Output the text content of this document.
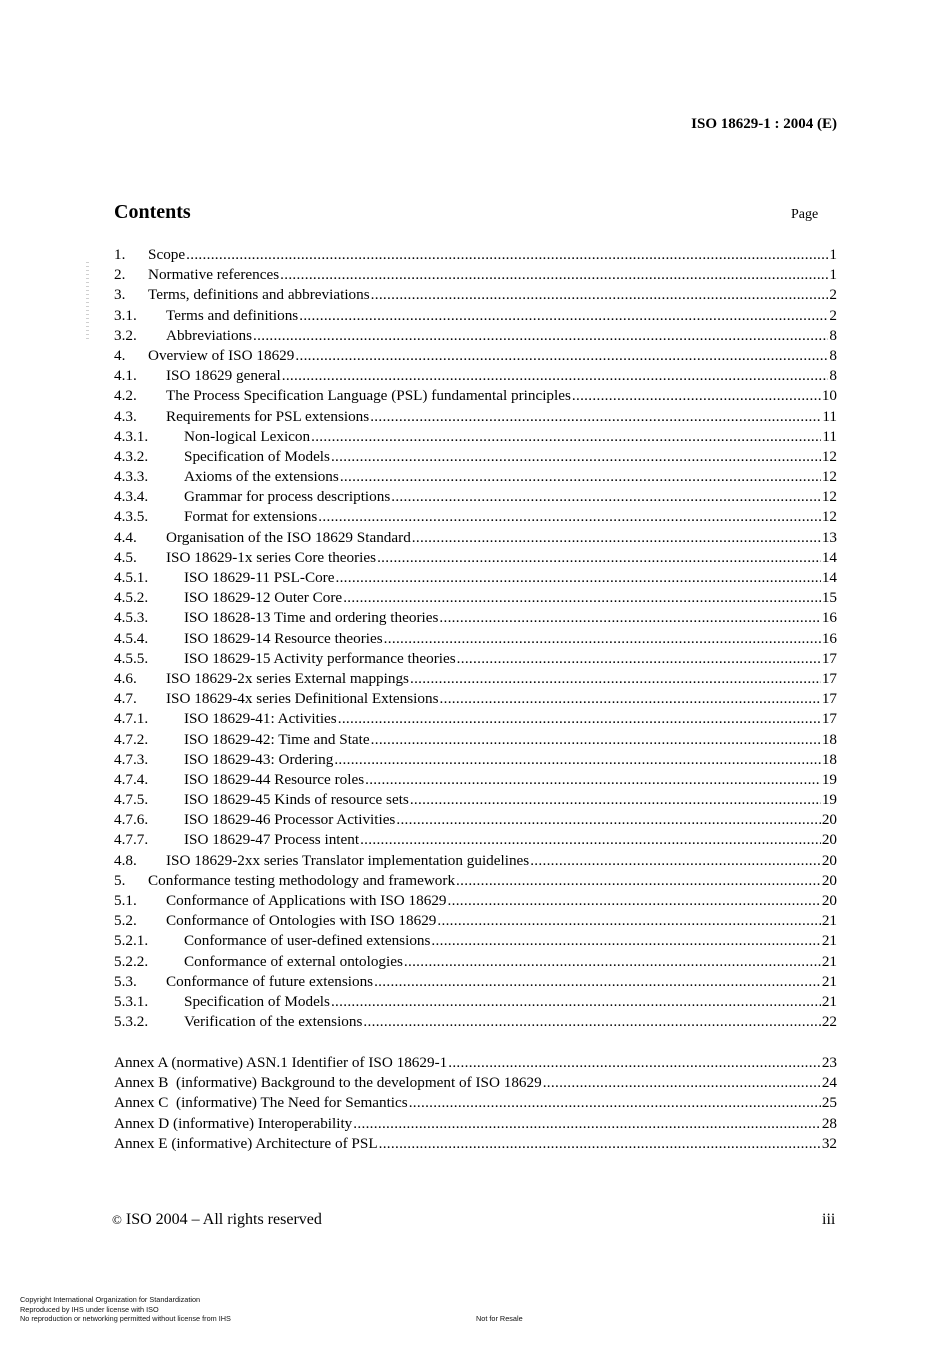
ISO 18629-1 : 2004 (E)
Contents	Page
1.	Scope .....	1
2.	Normative references .....	1
3.	Terms, definitions and abbreviations .....	2
3.1.	Terms and definitions .....	2
3.2.	Abbreviations .....	8
4.	Overview of ISO 18629 .....	8
4.1.	ISO 18629 general .....	8
4.2.	The Process Specification Language (PSL) fundamental principles .....	10
4.3.	Requirements for PSL extensions .....	11
4.3.1.	Non-logical Lexicon .....	11
4.3.2.	Specification of Models .....	12
4.3.3.	Axioms of the extensions .....	12
4.3.4.	Grammar for process descriptions .....	12
4.3.5.	Format for extensions .....	12
4.4.	Organisation of the ISO 18629 Standard .....	13
4.5.	ISO 18629-1x series Core theories .....	14
4.5.1.	ISO 18629-11 PSL-Core .....	14
4.5.2.	ISO 18629-12 Outer Core .....	15
4.5.3.	ISO 18628-13 Time and ordering theories .....	16
4.5.4.	ISO 18629-14 Resource theories .....	16
4.5.5.	ISO 18629-15 Activity performance theories .....	17
4.6.	ISO 18629-2x series External mappings .....	17
4.7.	ISO 18629-4x series Definitional Extensions .....	17
4.7.1.	ISO 18629-41: Activities .....	17
4.7.2.	ISO 18629-42: Time and State .....	18
4.7.3.	ISO 18629-43: Ordering .....	18
4.7.4.	ISO 18629-44 Resource roles .....	19
4.7.5.	ISO 18629-45 Kinds of resource sets .....	19
4.7.6.	ISO 18629-46 Processor Activities .....	20
4.7.7.	ISO 18629-47 Process intent .....	20
4.8.	ISO 18629-2xx series Translator implementation guidelines .....	20
5.	Conformance testing methodology and framework .....	20
5.1.	Conformance of Applications with ISO 18629 .....	20
5.2.	Conformance of Ontologies with ISO 18629 .....	21
5.2.1.	Conformance of user-defined extensions .....	21
5.2.2.	Conformance of external ontologies .....	21
5.3.	Conformance of future extensions .....	21
5.3.1.	Specification of Models .....	21
5.3.2.	Verification of the extensions .....	22
Annex A (normative) ASN.1 Identifier of ISO 18629-1 .....	23
Annex B  (informative) Background to the development of ISO 18629 .....	24
Annex C  (informative) The Need for Semantics .....	25
Annex D (informative) Interoperability .....	28
Annex E (informative) Architecture of PSL .....	32
© ISO 2004 – All rights reserved	iii
Copyright International Organization for Standardization
Reproduced by IHS under license with ISO
No reproduction or networking permitted without license from IHS	Not for Resale
